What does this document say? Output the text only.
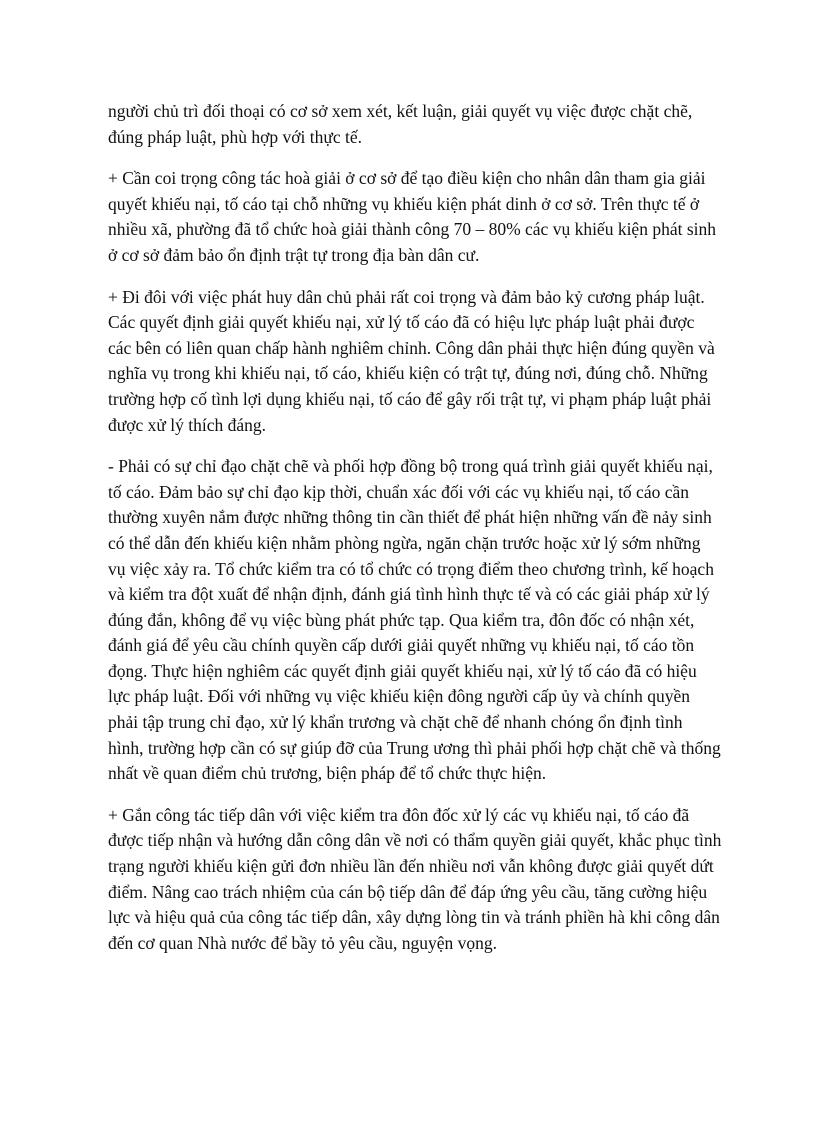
người chủ trì đối thoại có cơ sở xem xét, kết luận, giải quyết vụ việc được chặt chẽ, đúng pháp luật, phù hợp với thực tế.

+ Cần coi trọng công tác hoà giải ở cơ sở để tạo điều kiện cho nhân dân tham gia giải quyết khiếu nại, tố cáo tại chỗ những vụ khiếu kiện phát dinh ở cơ sở. Trên thực tế ở nhiều xã, phường đã tổ chức hoà giải thành công 70 – 80% các vụ khiếu kiện phát sinh ở cơ sở đảm bảo ổn định trật tự trong địa bàn dân cư.

+ Đi đôi với việc phát huy dân chủ phải rất coi trọng và đảm bảo kỷ cương pháp luật. Các quyết định giải quyết khiếu nại, xử lý tố cáo đã có hiệu lực pháp luật phải được các bên có liên quan chấp hành nghiêm chỉnh. Công dân phải thực hiện đúng quyền và nghĩa vụ trong khi khiếu nại, tố cáo, khiếu kiện có trật tự, đúng nơi, đúng chỗ. Những trường hợp cố tình lợi dụng khiếu nại, tố cáo để gây rối trật tự, vi phạm pháp luật phải được xử lý thích đáng.

- Phải có sự chỉ đạo chặt chẽ và phối hợp đồng bộ trong quá trình giải quyết khiếu nại, tố cáo. Đảm bảo sự chỉ đạo kịp thời, chuẩn xác đối với các vụ khiếu nại, tố cáo cần thường xuyên nắm được những thông tin cần thiết để phát hiện những vấn đề nảy sinh có thể dẫn đến khiếu kiện nhằm phòng ngừa, ngăn chặn trước hoặc xử lý sớm những vụ việc xảy ra. Tổ chức kiểm tra có tổ chức có trọng điểm theo chương trình, kế hoạch và kiểm tra đột xuất để nhận định, đánh giá tình hình thực tế và có các giải pháp xử lý đúng đắn, không để vụ việc bùng phát phức tạp. Qua kiểm tra, đôn đốc có nhận xét, đánh giá để yêu cầu chính quyền cấp dưới giải quyết những vụ khiếu nại, tố cáo tồn đọng. Thực hiện nghiêm các quyết định giải quyết khiếu nại, xử lý tố cáo đã có hiệu lực pháp luật. Đối với những vụ việc khiếu kiện đông người cấp ủy và chính quyền phải tập trung chỉ đạo, xử lý khẩn trương và chặt chẽ để nhanh chóng ổn định tình hình, trường hợp cần có sự giúp đỡ của Trung ương thì phải phối hợp chặt chẽ và thống nhất về quan điểm chủ trương, biện pháp để tổ chức thực hiện.

+ Gắn công tác tiếp dân với việc kiểm tra đôn đốc xử lý các vụ khiếu nại, tố cáo đã được tiếp nhận và hướng dẫn công dân về nơi có thẩm quyền giải quyết, khắc phục tình trạng người khiếu kiện gửi đơn nhiều lần đến nhiều nơi vẫn không được giải quyết dứt điểm. Nâng cao trách nhiệm của cán bộ tiếp dân để đáp ứng yêu cầu, tăng cường hiệu lực và hiệu quả của công tác tiếp dân, xây dựng lòng tin và tránh phiền hà khi công dân đến cơ quan Nhà nước để bầy tỏ yêu cầu, nguyện vọng.
